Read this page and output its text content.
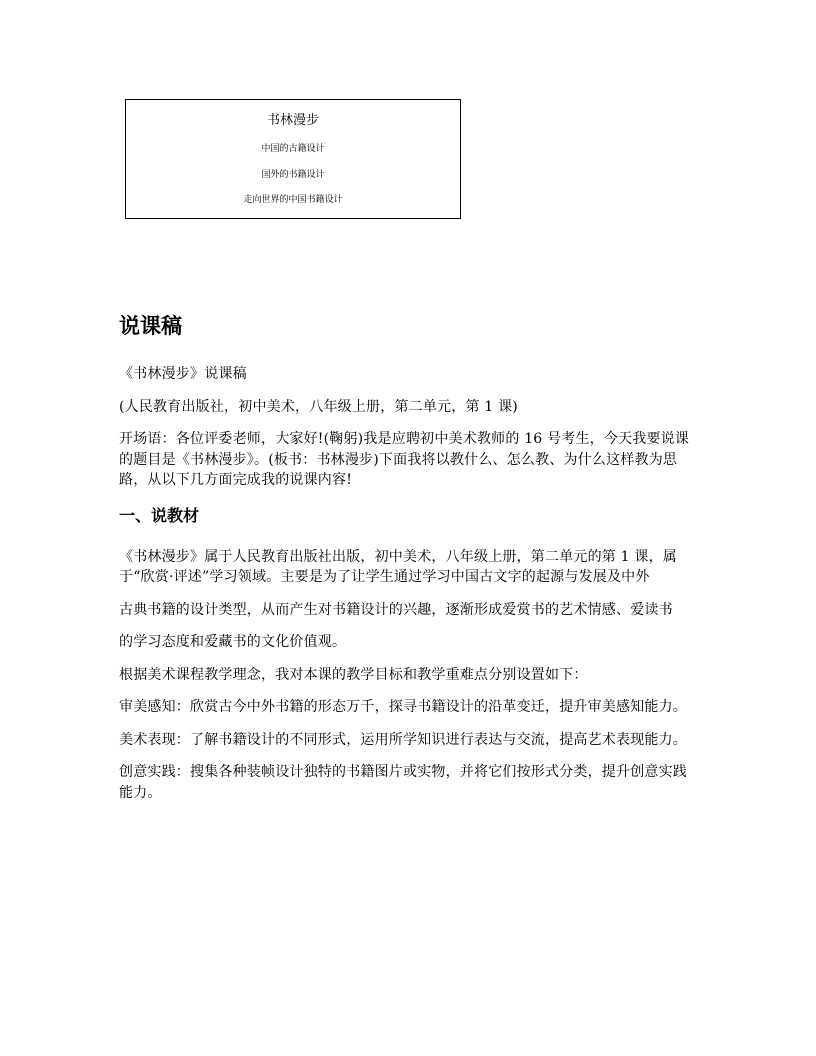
书林漫步
中国的古籍设计
国外的书籍设计
走向世界的中国书籍设计
说课稿

《书林漫步》说课稿

(人民教育出版社，初中美术，八年级上册，第二单元，第 1 课)

开场语：各位评委老师，大家好!(鞠躬)我是应聘初中美术教师的 16 号考生，今天我要说课的题目是《书林漫步》。(板书：书林漫步)下面我将以教什么、怎么教、为什么这样教为思路，从以下几方面完成我的说课内容!

一、说教材

《书林漫步》属于人民教育出版社出版，初中美术，八年级上册，第二单元的第 1 课，属于“欣赏·评述”学习领域。主要是为了让学生通过学习中国古文字的起源与发展及中外

古典书籍的设计类型，从而产生对书籍设计的兴趣，逐渐形成爱赏书的艺术情感、爱读书

的学习态度和爱藏书的文化价值观。

根据美术课程教学理念，我对本课的教学目标和教学重难点分别设置如下：

审美感知：欣赏古今中外书籍的形态万千，探寻书籍设计的沿革变迁，提升审美感知能力。

美术表现：了解书籍设计的不同形式，运用所学知识进行表达与交流，提高艺术表现能力。

创意实践：搜集各种装帧设计独特的书籍图片或实物，并将它们按形式分类，提升创意实践能力。
